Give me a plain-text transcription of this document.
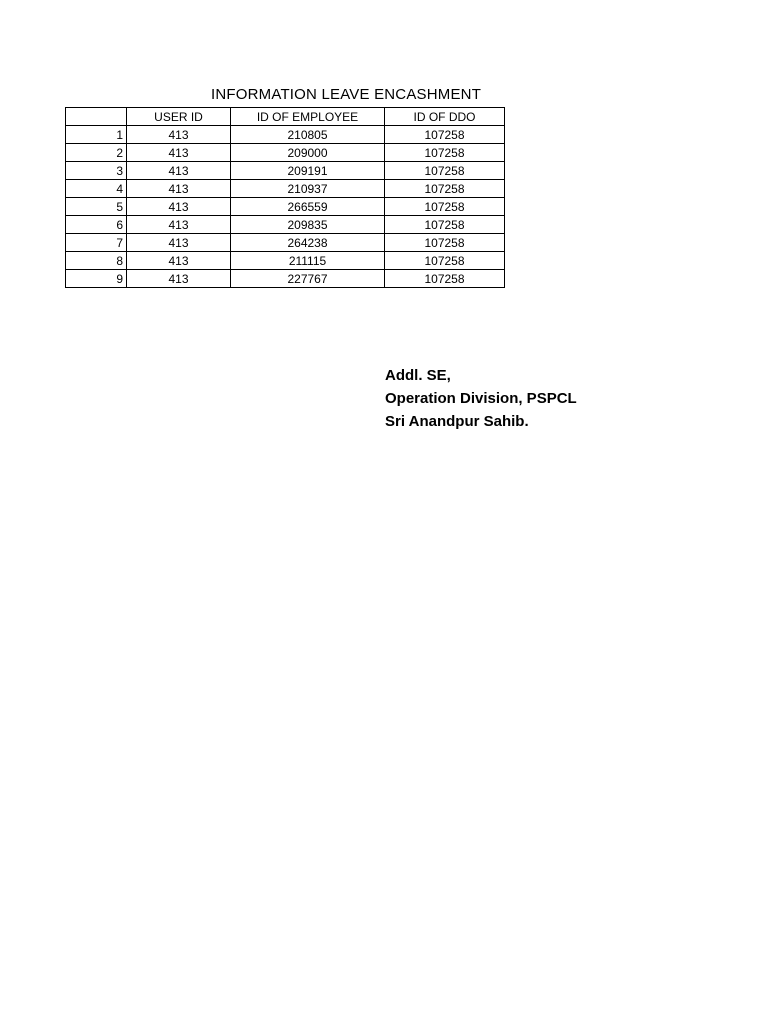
INFORMATION LEAVE ENCASHMENT
	USER ID	ID OF EMPLOYEE	ID OF DDO
1	413	210805	107258
2	413	209000	107258
3	413	209191	107258
4	413	210937	107258
5	413	266559	107258
6	413	209835	107258
7	413	264238	107258
8	413	211115	107258
9	413	227767	107258
Addl. SE,
Operation Division, PSPCL
Sri Anandpur Sahib.
